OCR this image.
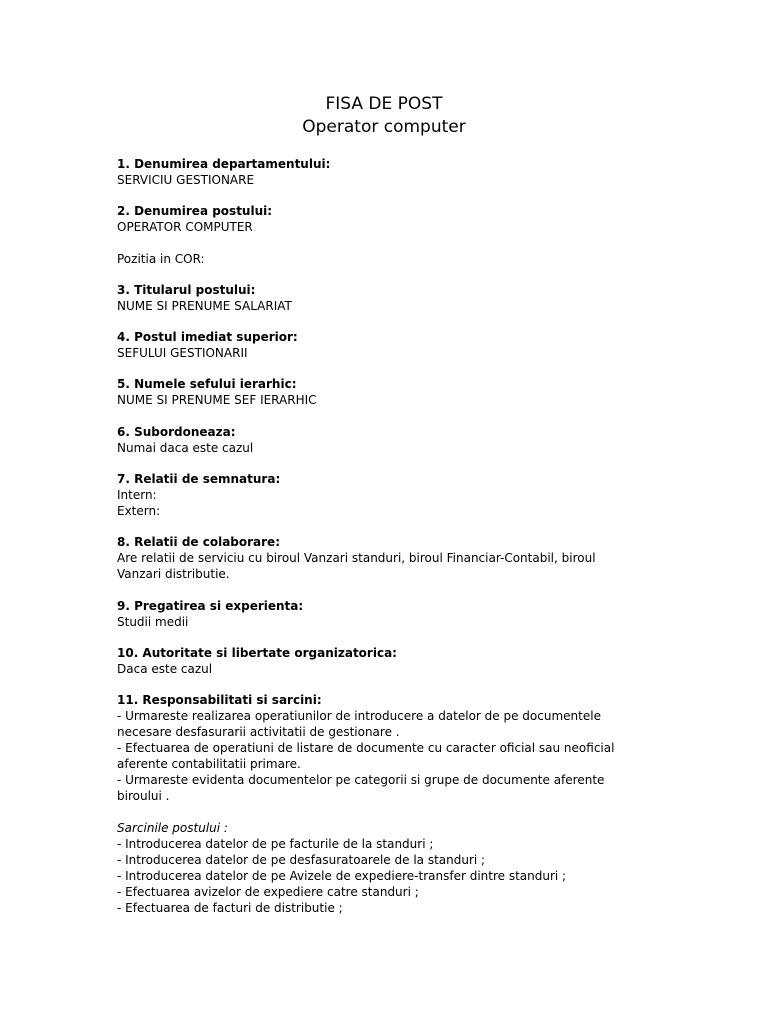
FISA DE POST
Operator computer
1. Denumirea departamentului:
SERVICIU GESTIONARE
2. Denumirea postului:
OPERATOR COMPUTER
Pozitia in COR:
3. Titularul postului:
NUME SI PRENUME SALARIAT
4. Postul imediat superior:
SEFULUI GESTIONARII
5. Numele sefului ierarhic:
NUME SI PRENUME SEF IERARHIC
6. Subordoneaza:
Numai daca este cazul
7. Relatii de semnatura:
Intern:
Extern:
8. Relatii de colaborare:
Are relatii de serviciu cu biroul Vanzari standuri, biroul Financiar-Contabil, biroul
Vanzari distributie.
9. Pregatirea si experienta:
Studii medii
10. Autoritate si libertate organizatorica:
Daca este cazul
11. Responsabilitati si sarcini:
- Urmareste realizarea operatiunilor de introducere a datelor de pe documentele
necesare desfasurarii activitatii de gestionare .
- Efectuarea de operatiuni de listare de documente cu caracter oficial sau neoficial
aferente contabilitatii primare.
- Urmareste evidenta documentelor pe categorii si grupe de documente aferente
biroului .
Sarcinile postului :
- Introducerea datelor de pe facturile de la standuri ;
- Introducerea datelor de pe desfasuratoarele de la standuri ;
- Introducerea datelor de pe Avizele de expediere-transfer dintre standuri ;
- Efectuarea avizelor de expediere catre standuri ;
- Efectuarea de facturi de distributie ;
